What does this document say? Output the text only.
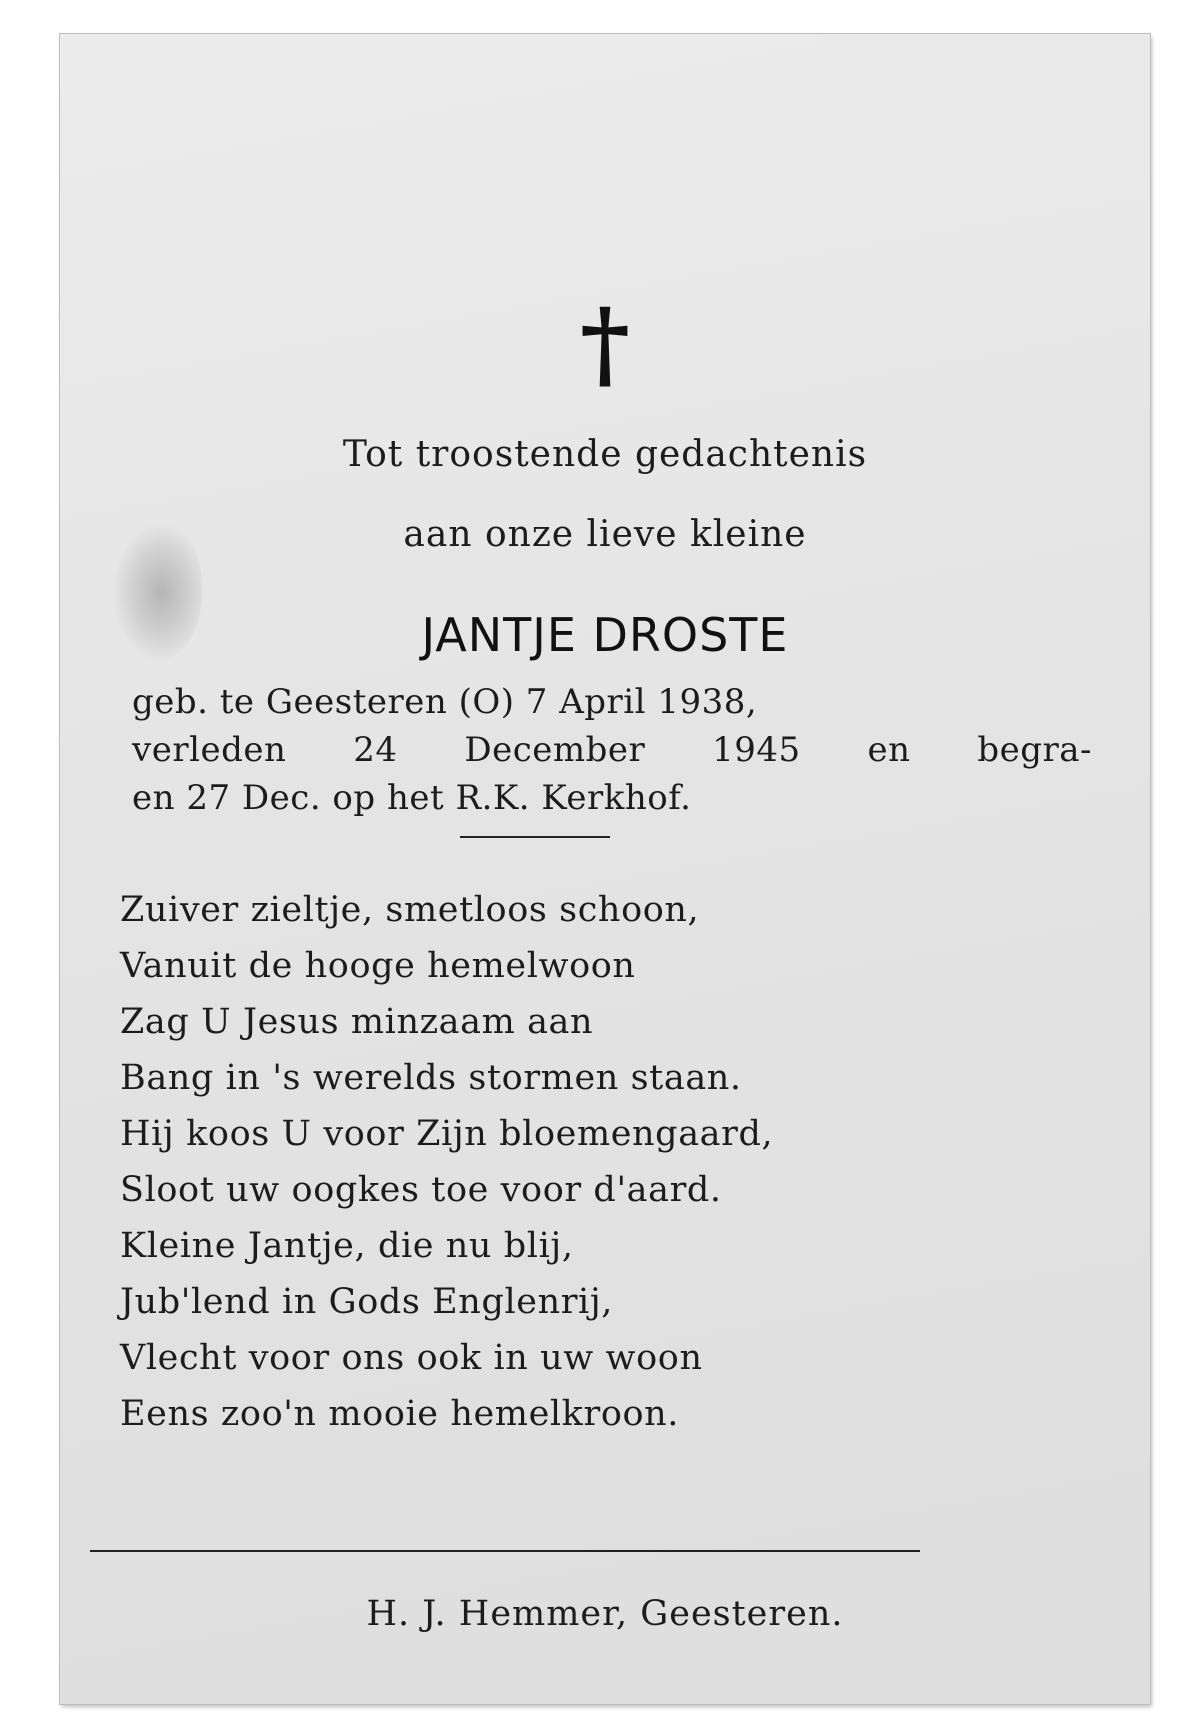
†
Tot troostende gedachtenis
aan onze lieve kleine
JANTJE DROSTE
geb. te Geesteren (O) 7 April 1938,
verleden 24 December 1945 en begra-
en 27 Dec. op het R.K. Kerkhof.
Zuiver zieltje, smetloos schoon,
Vanuit de hooge hemelwoon
Zag U Jesus minzaam aan
Bang in 's werelds stormen staan.
Hij koos U voor Zijn bloemengaard,
Sloot uw oogkes toe voor d'aard.
Kleine Jantje, die nu blij,
Jub'lend in Gods Englenrij,
Vlecht voor ons ook in uw woon
Eens zoo'n mooie hemelkroon.
H. J. Hemmer, Geesteren.
